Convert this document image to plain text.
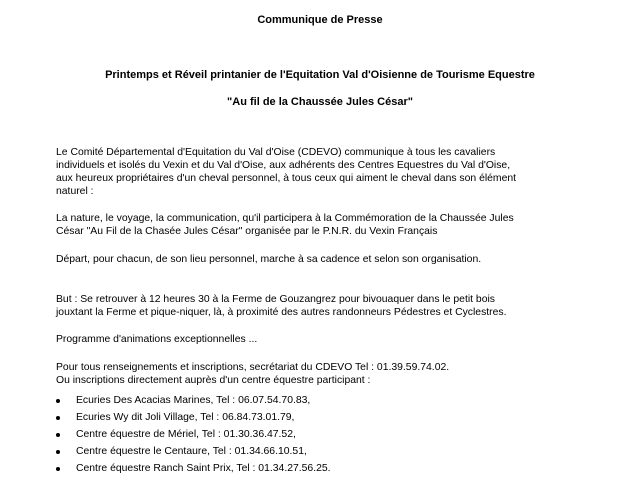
Communique de Presse
Printemps et Réveil printanier de l'Equitation Val d'Oisienne de Tourisme Equestre
"Au fil de la Chaussée Jules César"

Le Comité Départemental d'Equitation du Val d'Oise (CDEVO) communique à tous les cavaliers
individuels et isolés du Vexin et du Val d'Oise, aux adhérents des Centres Equestres du Val d'Oise,
aux heureux propriétaires d'un cheval personnel, à tous ceux qui aiment le cheval dans son élément
naturel :

La nature, le voyage, la communication, qu'il participera à la Commémoration de la Chaussée Jules
César "Au Fil de la Chasée Jules César" organisée par le P.N.R. du Vexin Français

Départ, pour chacun, de son lieu personnel, marche à sa cadence et selon son organisation.

But : Se retrouver à 12 heures 30 à la Ferme de Gouzangrez pour bivouaquer dans le petit bois
jouxtant la Ferme et pique-niquer, là, à proximité des autres randonneurs Pédestres et Cyclestres.

Programme d'animations exceptionnelles ...

Pour tous renseignements et inscriptions, secrétariat du CDEVO Tel : 01.39.59.74.02.
Ou inscriptions directement auprès d'un centre équestre participant :

Ecuries Des Acacias Marines, Tel : 06.07.54.70.83,
Ecuries Wy dit Joli Village, Tel : 06.84.73.01.79,
Centre équestre de Mériel, Tel : 01.30.36.47.52,
Centre équestre le Centaure, Tel : 01.34.66.10.51,
Centre équestre Ranch Saint Prix, Tel : 01.34.27.56.25.
